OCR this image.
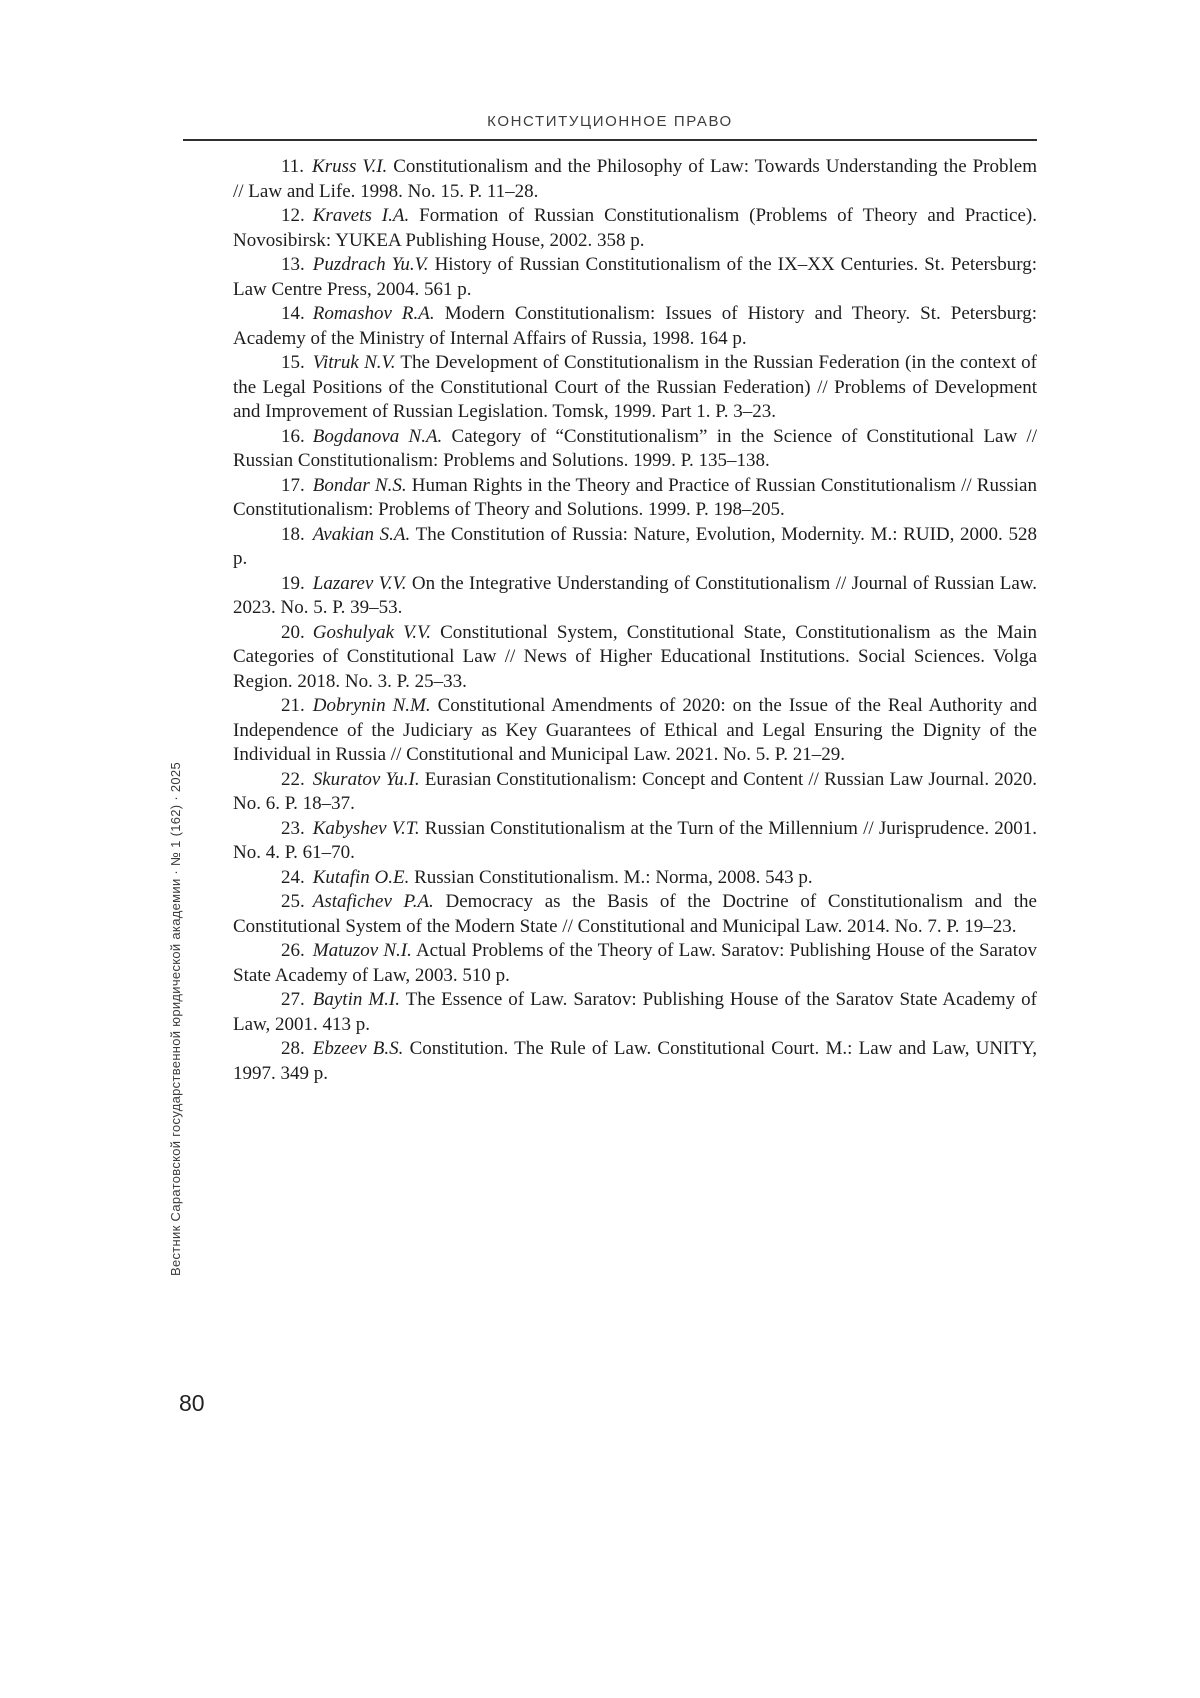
КОНСТИТУЦИОННОЕ ПРАВО

11. Kruss V.I. Constitutionalism and the Philosophy of Law: Towards Understanding the Problem // Law and Life. 1998. No. 15. P. 11–28.

12. Kravets I.A. Formation of Russian Constitutionalism (Problems of Theory and Practice). Novosibirsk: YUKEA Publishing House, 2002. 358 p.

13. Puzdrach Yu.V. History of Russian Constitutionalism of the IX–XX Centuries. St. Petersburg: Law Centre Press, 2004. 561 p.

14. Romashov R.A. Modern Constitutionalism: Issues of History and Theory. St. Petersburg: Academy of the Ministry of Internal Affairs of Russia, 1998. 164 p.

15. Vitruk N.V. The Development of Constitutionalism in the Russian Federation (in the context of the Legal Positions of the Constitutional Court of the Russian Federation) // Problems of Development and Improvement of Russian Legislation. Tomsk, 1999. Part 1. P. 3–23.

16. Bogdanova N.A. Category of “Constitutionalism” in the Science of Constitutional Law // Russian Constitutionalism: Problems and Solutions. 1999. P. 135–138.

17. Bondar N.S. Human Rights in the Theory and Practice of Russian Constitutionalism // Russian Constitutionalism: Problems of Theory and Solutions. 1999. P. 198–205.

18. Avakian S.A. The Constitution of Russia: Nature, Evolution, Modernity. M.: RUID, 2000. 528 p.

19. Lazarev V.V. On the Integrative Understanding of Constitutionalism // Journal of Russian Law. 2023. No. 5. P. 39–53.

20. Goshulyak V.V. Constitutional System, Constitutional State, Constitutionalism as the Main Categories of Constitutional Law // News of Higher Educational Institutions. Social Sciences. Volga Region. 2018. No. 3. P. 25–33.

21. Dobrynin N.M. Constitutional Amendments of 2020: on the Issue of the Real Authority and Independence of the Judiciary as Key Guarantees of Ethical and Legal Ensuring the Dignity of the Individual in Russia // Constitutional and Municipal Law. 2021. No. 5. P. 21–29.

22. Skuratov Yu.I. Eurasian Constitutionalism: Concept and Content // Russian Law Journal. 2020. No. 6. P. 18–37.

23. Kabyshev V.T. Russian Constitutionalism at the Turn of the Millennium // Jurisprudence. 2001. No. 4. P. 61–70.

24. Kutafin O.E. Russian Constitutionalism. M.: Norma, 2008. 543 p.

25. Astafichev P.A. Democracy as the Basis of the Doctrine of Constitutionalism and the Constitutional System of the Modern State // Constitutional and Municipal Law. 2014. No. 7. P. 19–23.

26. Matuzov N.I. Actual Problems of the Theory of Law. Saratov: Publishing House of the Saratov State Academy of Law, 2003. 510 p.

27. Baytin M.I. The Essence of Law. Saratov: Publishing House of the Saratov State Academy of Law, 2001. 413 p.

28. Ebzeev B.S. Constitution. The Rule of Law. Constitutional Court. M.: Law and Law, UNITY, 1997. 349 p.

Вестник Саратовской государственной юридической академии · № 1 (162) · 2025
80
